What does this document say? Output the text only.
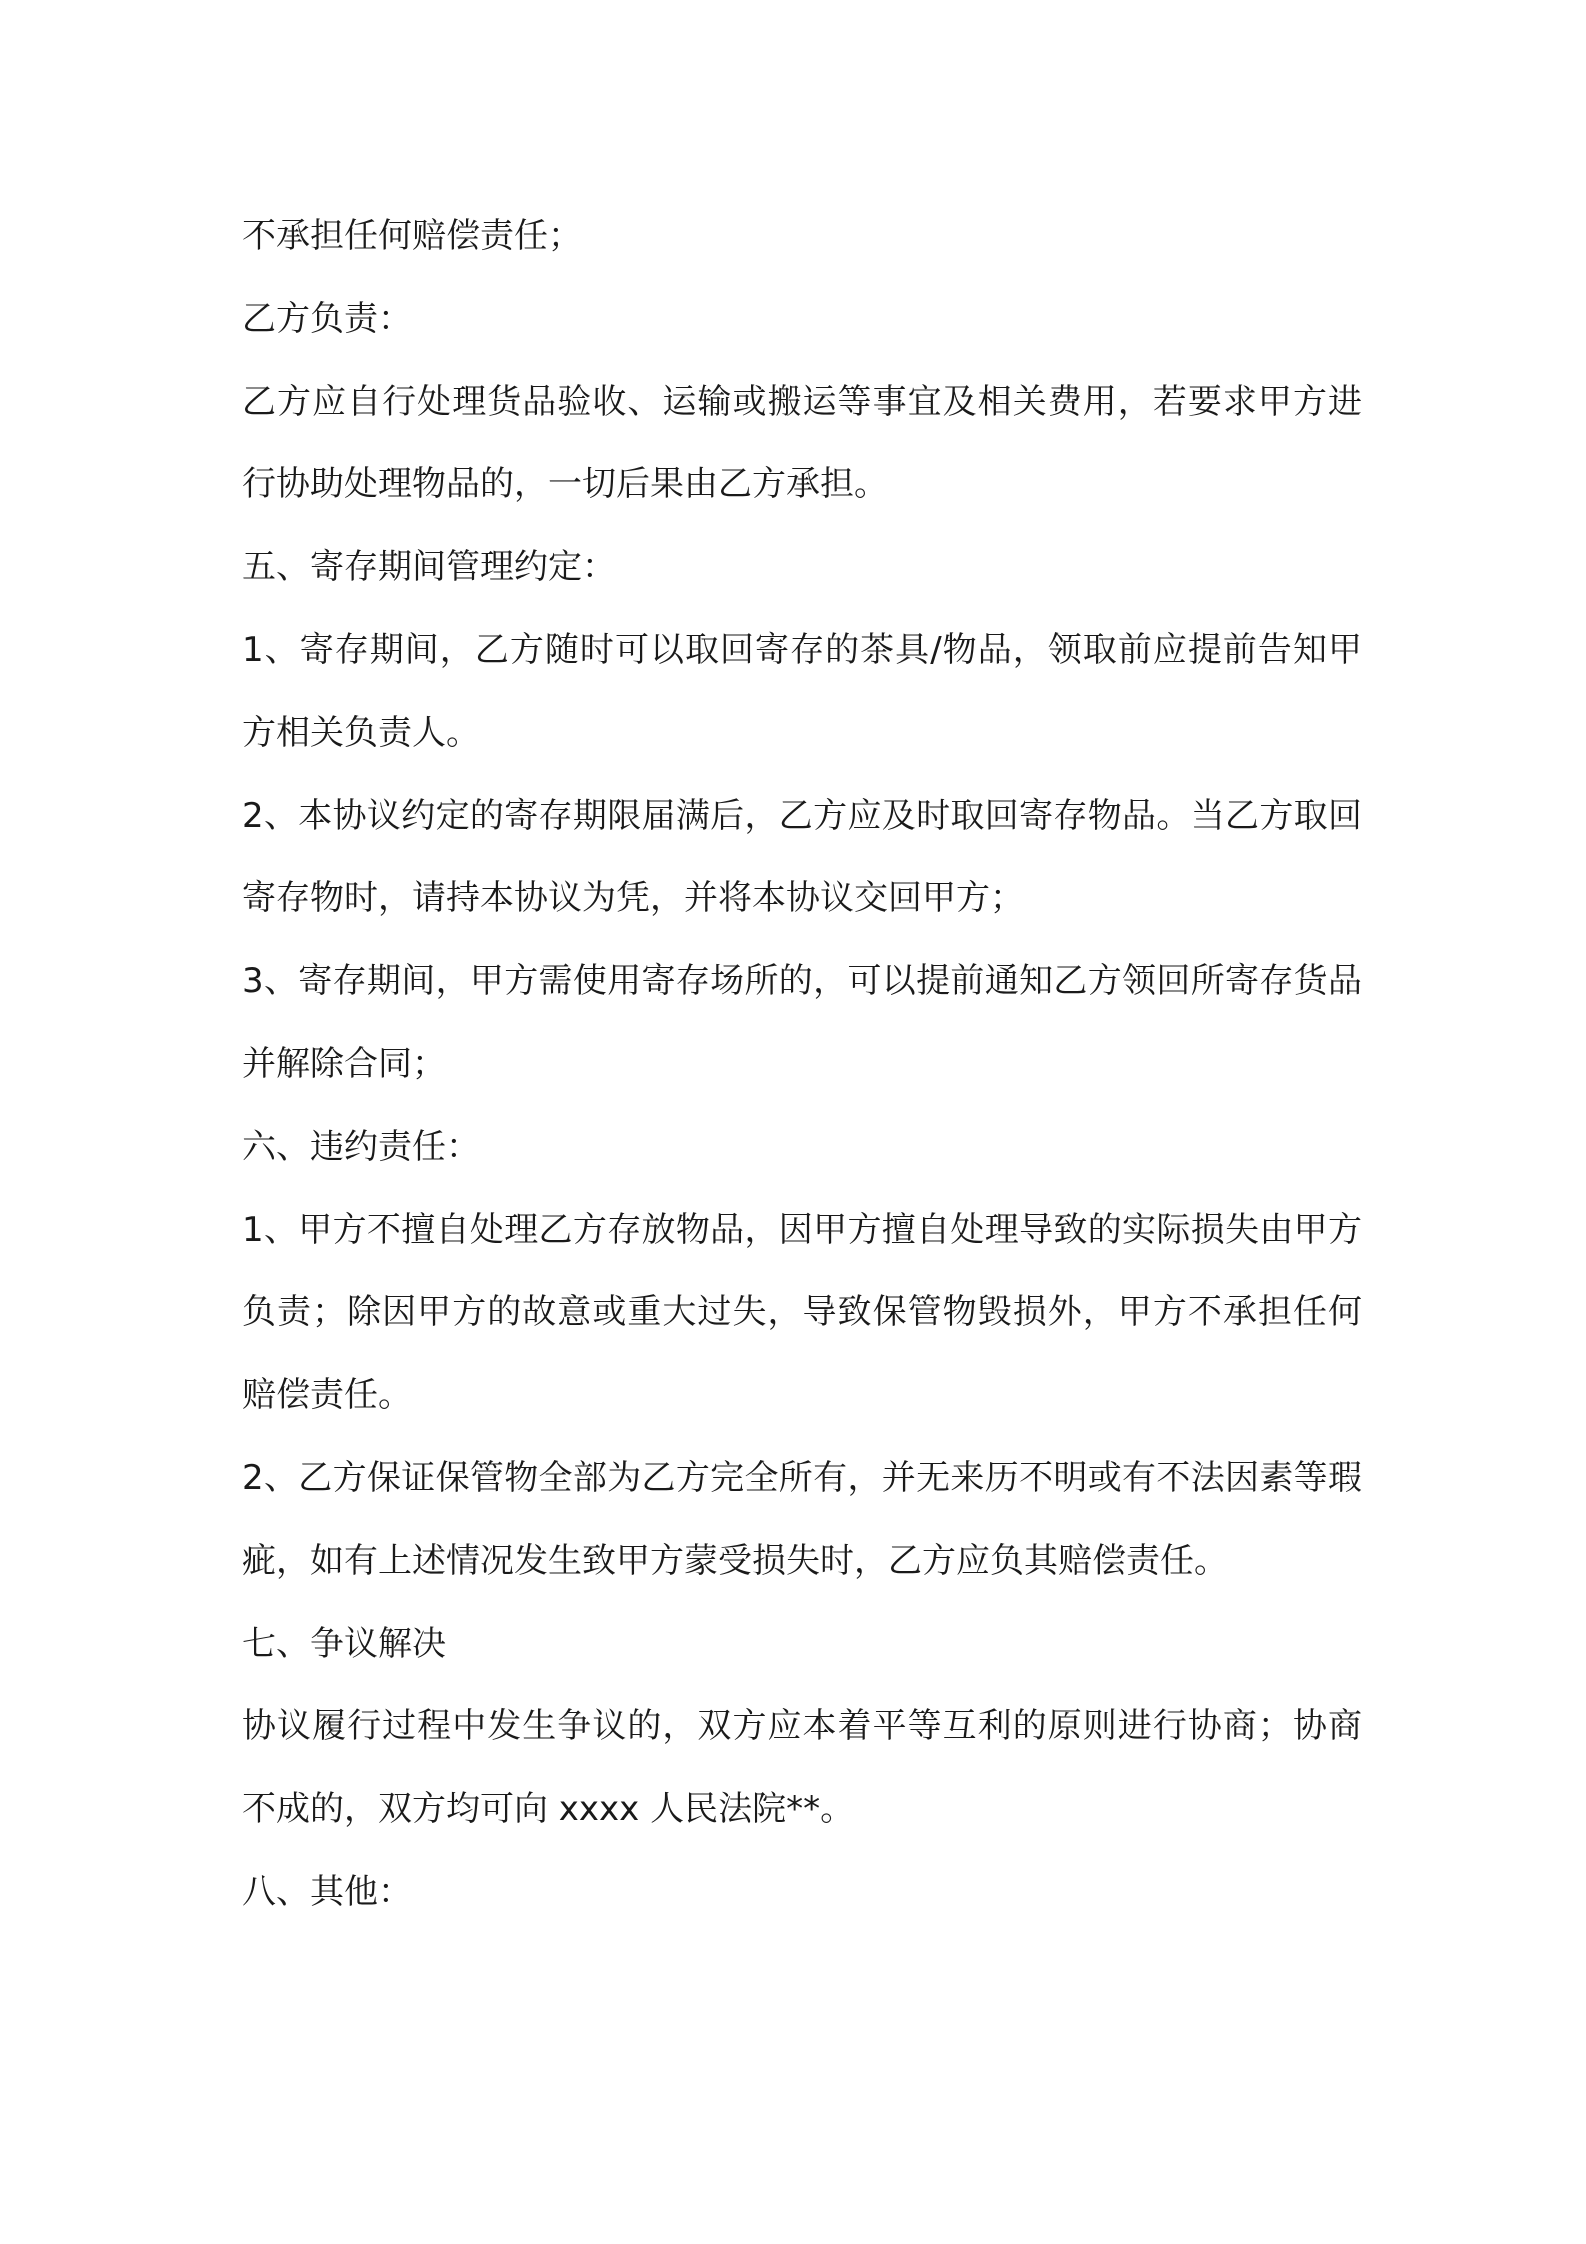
不承担任何赔偿责任；

乙方负责：

乙方应自行处理货品验收、运输或搬运等事宜及相关费用，若要求甲方进行协助处理物品的，一切后果由乙方承担。

五、寄存期间管理约定：

1、寄存期间，乙方随时可以取回寄存的茶具/物品，领取前应提前告知甲方相关负责人。

2、本协议约定的寄存期限届满后，乙方应及时取回寄存物品。当乙方取回寄存物时，请持本协议为凭，并将本协议交回甲方；

3、寄存期间，甲方需使用寄存场所的，可以提前通知乙方领回所寄存货品并解除合同；

六、违约责任：

1、甲方不擅自处理乙方存放物品，因甲方擅自处理导致的实际损失由甲方负责；除因甲方的故意或重大过失，导致保管物毁损外，甲方不承担任何赔偿责任。

2、乙方保证保管物全部为乙方完全所有，并无来历不明或有不法因素等瑕疵，如有上述情况发生致甲方蒙受损失时，乙方应负其赔偿责任。

七、争议解决

协议履行过程中发生争议的，双方应本着平等互利的原则进行协商；协商不成的，双方均可向 xxxx 人民法院**。

八、其他：
